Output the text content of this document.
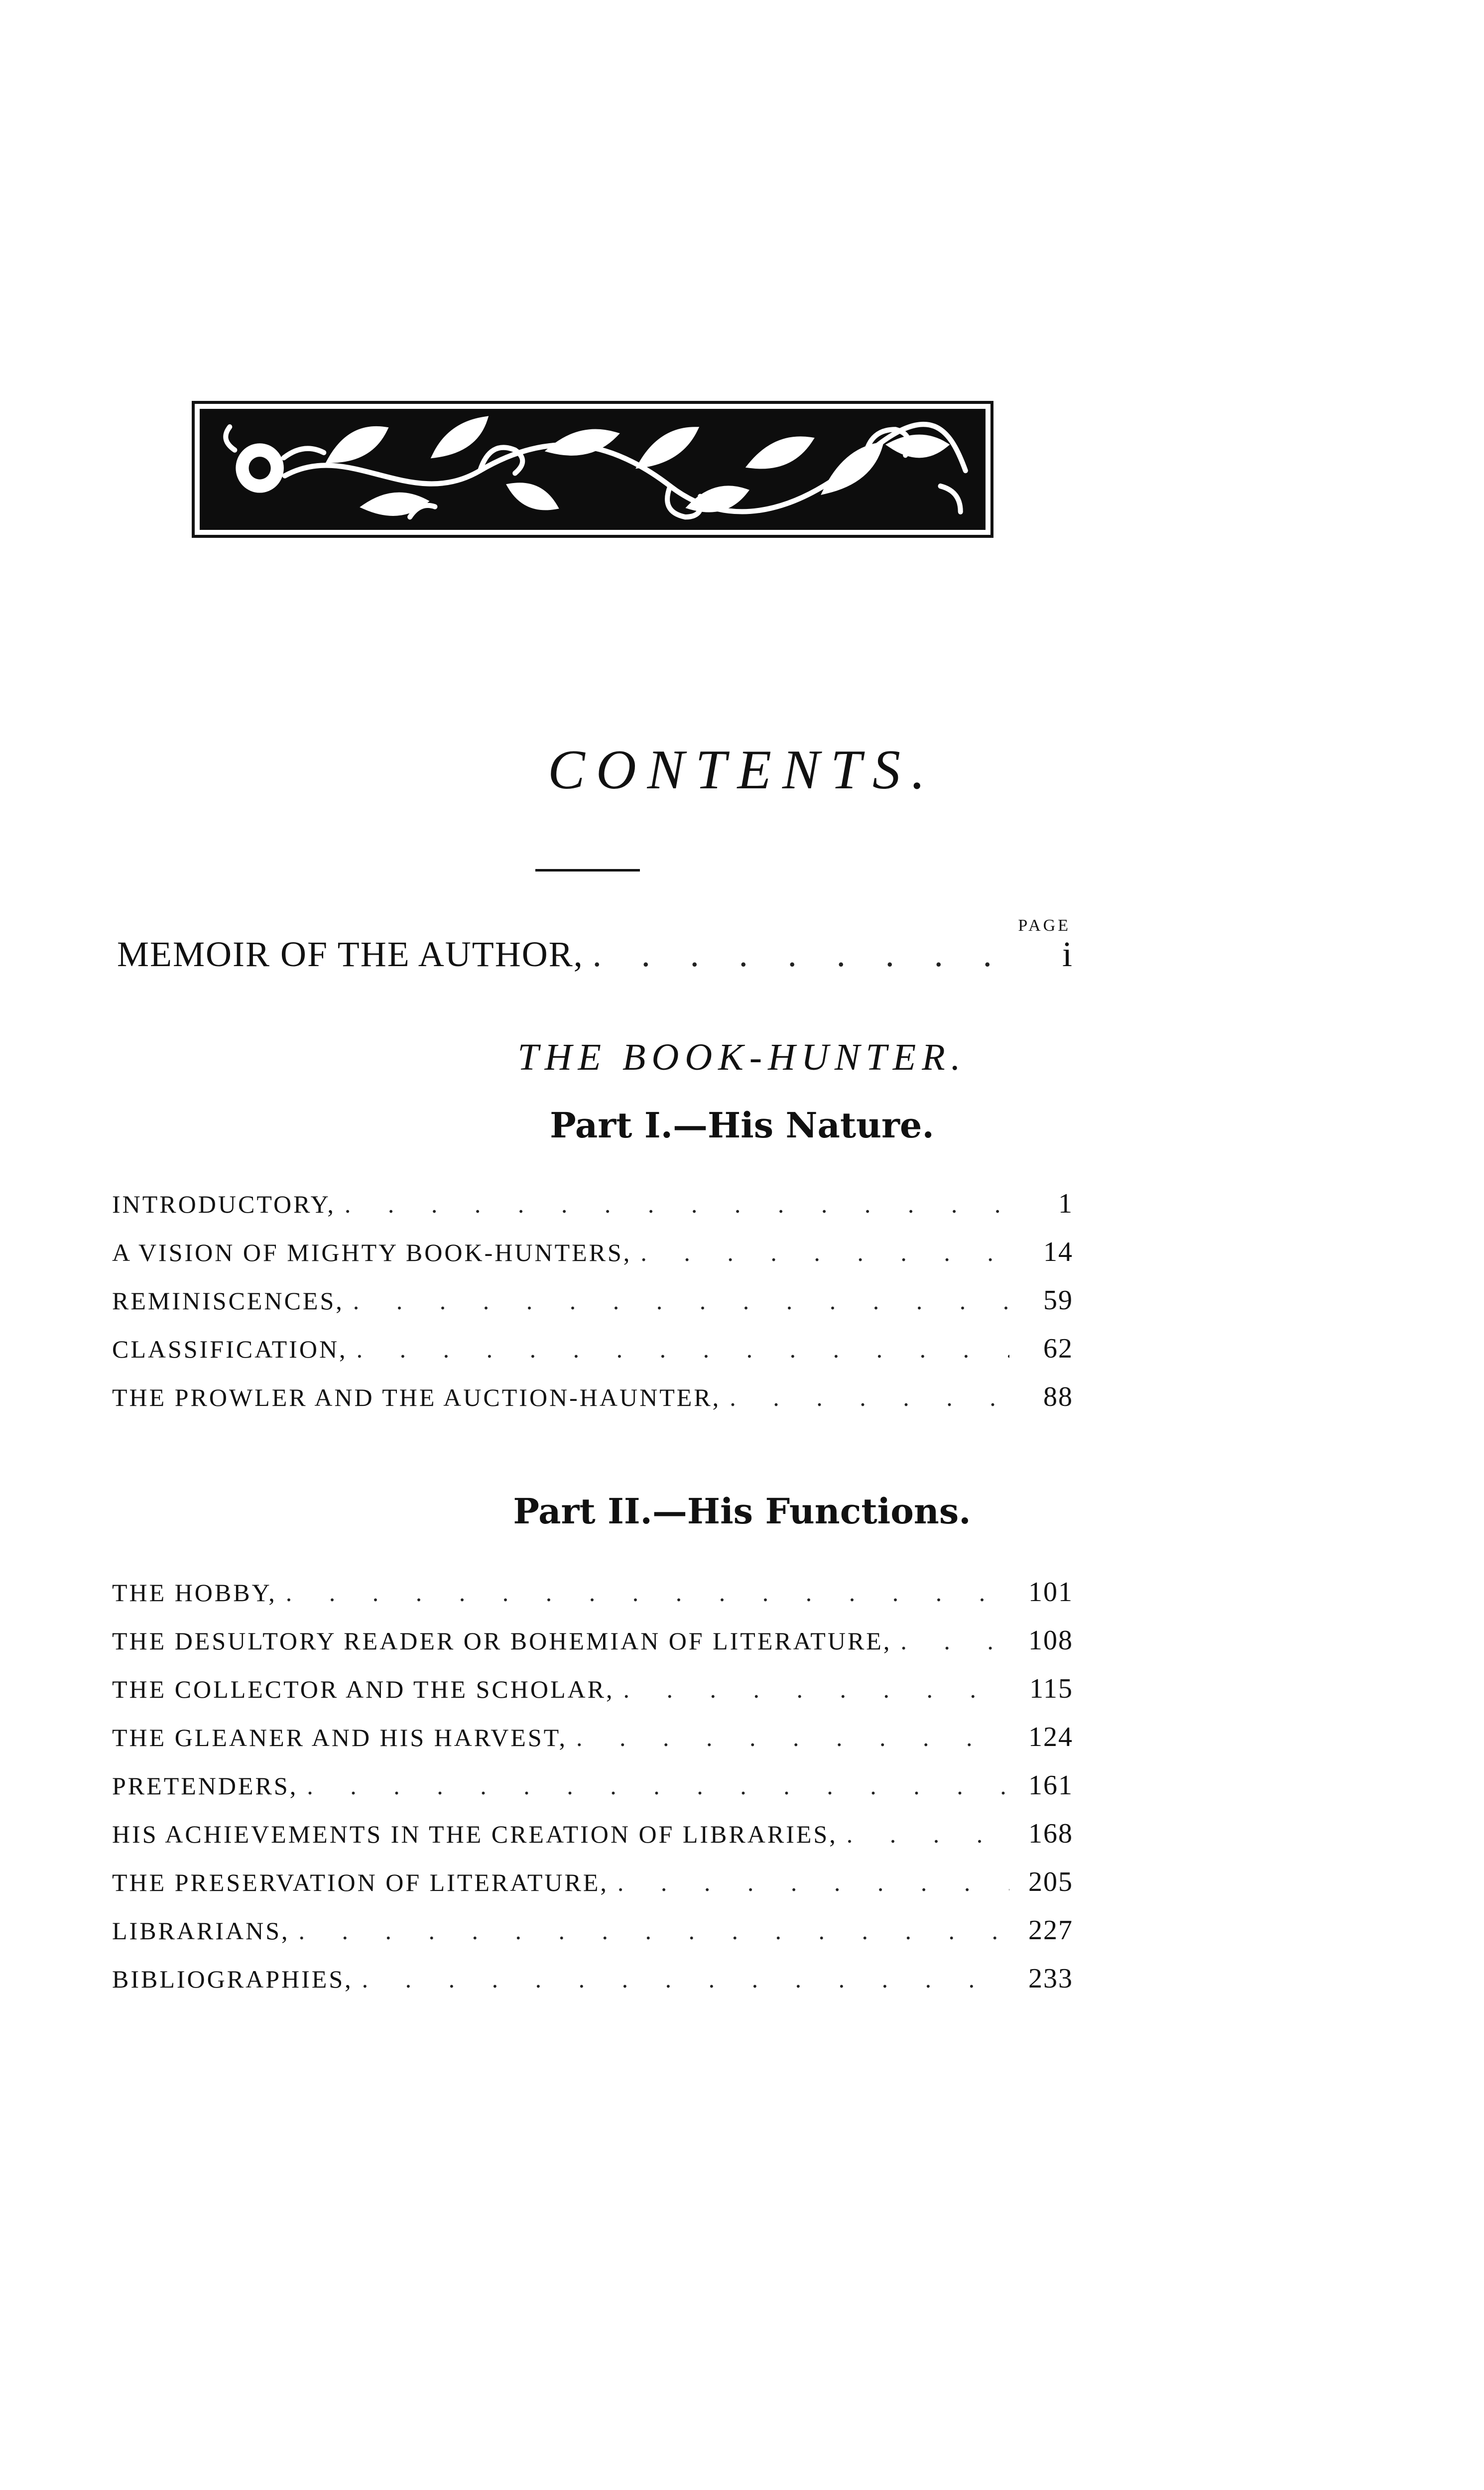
CONTENTS.
PAGE
MEMOIR OF THE AUTHOR, . . .	i
THE BOOK-HUNTER.
Part I.—His Nature.
INTRODUCTORY, . . .	1
A VISION OF MIGHTY BOOK-HUNTERS, . . .	14
REMINISCENCES, . . .	59
CLASSIFICATION, . . .	62
THE PROWLER AND THE AUCTION-HAUNTER, . . .	88
Part II.—His Functions.
THE HOBBY, . . .	101
THE DESULTORY READER OR BOHEMIAN OF LITERATURE, . . .	108
THE COLLECTOR AND THE SCHOLAR, . . .	115
THE GLEANER AND HIS HARVEST, . . .	124
PRETENDERS, . . .	161
HIS ACHIEVEMENTS IN THE CREATION OF LIBRARIES, . . .	168
THE PRESERVATION OF LITERATURE, . . .	205
LIBRARIANS, . . .	227
BIBLIOGRAPHIES, . . .	233
